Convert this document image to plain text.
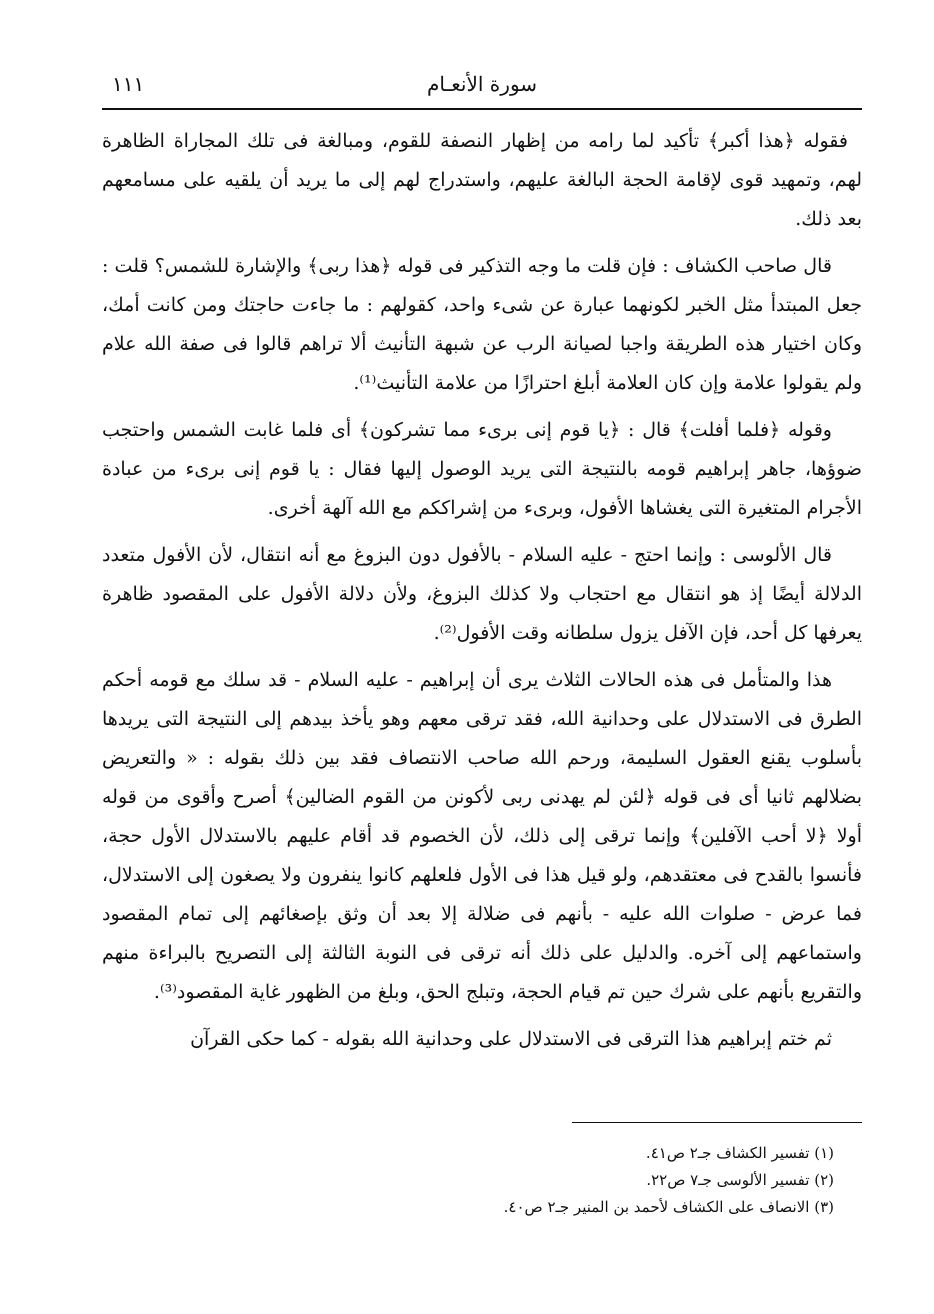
سورة الأنعـام
١١١

فقوله ﴿هذا أكبر﴾ تأكيد لما رامه من إظهار النصفة للقوم، ومبالغة فى تلك المجاراة الظاهرة لهم، وتمهيد قوى لإقامة الحجة البالغة عليهم، واستدراج لهم إلى ما يريد أن يلقيه على مسامعهم بعد ذلك.

قال صاحب الكشاف : فإن قلت ما وجه التذكير فى قوله ﴿هذا ربى﴾ والإشارة للشمس؟ قلت : جعل المبتدأ مثل الخبر لكونهما عبارة عن شىء واحد، كقولهم : ما جاءت حاجتك ومن كانت أمك، وكان اختيار هذه الطريقة واجبا لصيانة الرب عن شبهة التأنيث ألا تراهم قالوا فى صفة الله علام ولم يقولوا علامة وإن كان العلامة أبلغ احترازًا من علامة التأنيث⁽¹⁾.

وقوله ﴿فلما أفلت﴾ قال : ﴿يا قوم إنى برىء مما تشركون﴾ أى فلما غابت الشمس واحتجب ضوؤها، جاهر إبراهيم قومه بالنتيجة التى يريد الوصول إليها فقال : يا قوم إنى برىء من عبادة الأجرام المتغيرة التى يغشاها الأفول، وبرىء من إشراككم مع الله آلهة أخرى.

قال الألوسى : وإنما احتج - عليه السلام - بالأفول دون البزوغ مع أنه انتقال، لأن الأفول متعدد الدلالة أيضًا إذ هو انتقال مع احتجاب ولا كذلك البزوغ، ولأن دلالة الأفول على المقصود ظاهرة يعرفها كل أحد، فإن الآفل يزول سلطانه وقت الأفول⁽²⁾.

هذا والمتأمل فى هذه الحالات الثلاث يرى أن إبراهيم - عليه السلام - قد سلك مع قومه أحكم الطرق فى الاستدلال على وحدانية الله، فقد ترقى معهم وهو يأخذ بيدهم إلى النتيجة التى يريدها بأسلوب يقنع العقول السليمة، ورحم الله صاحب الانتصاف فقد بين ذلك بقوله : « والتعريض بضلالهم ثانيا أى فى قوله ﴿لئن لم يهدنى ربى لأكونن من القوم الضالين﴾ أصرح وأقوى من قوله أولا ﴿لا أحب الآفلين﴾ وإنما ترقى إلى ذلك، لأن الخصوم قد أقام عليهم بالاستدلال الأول حجة، فأنسوا بالقدح فى معتقدهم، ولو قيل هذا فى الأول فلعلهم كانوا ينفرون ولا يصغون إلى الاستدلال، فما عرض - صلوات الله عليه - بأنهم فى ضلالة إلا بعد أن وثق بإصغائهم إلى تمام المقصود واستماعهم إلى آخره. والدليل على ذلك أنه ترقى فى النوبة الثالثة إلى التصريح بالبراءة منهم والتقريع بأنهم على شرك حين تم قيام الحجة، وتبلج الحق، وبلغ من الظهور غاية المقصود⁽³⁾.

ثم ختم إبراهيم هذا الترقى فى الاستدلال على وحدانية الله بقوله - كما حكى القرآن

(١) تفسير الكشاف جـ٢ ص٤١.
(٢) تفسير الألوسى جـ٧ ص٢٢.
(٣) الانصاف على الكشاف لأحمد بن المنير جـ٢ ص٤٠.
